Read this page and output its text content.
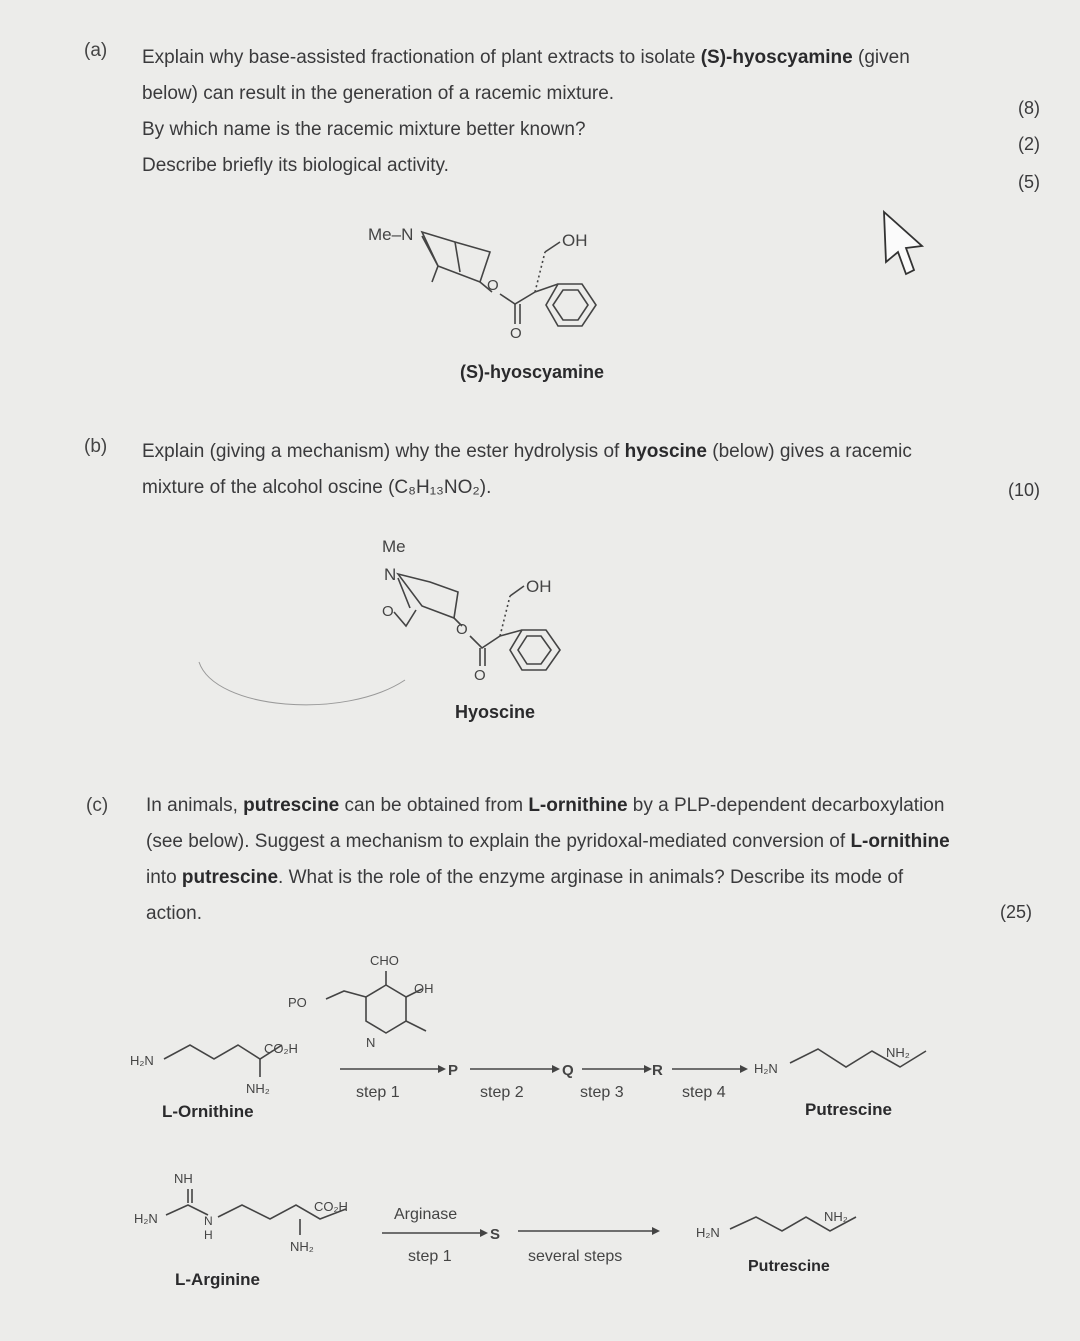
(a) Explain why base-assisted fractionation of plant extracts to isolate (S)-hyoscyamine (given
below) can result in the generation of a racemic mixture.
By which name is the racemic mixture better known?
Describe briefly its biological activity.
(8)
(2)
(5)
Me–N
O
O
OH
(S)-hyoscyamine
(b) Explain (giving a mechanism) why the ester hydrolysis of hyoscine (below) gives a racemic
mixture of the alcohol oscine (C₈H₁₃NO₂).	(10)
Me
N
O
O
O
OH
Hyoscine
(c) In animals, putrescine can be obtained from L-ornithine by a PLP-dependent decarboxylation
(see below). Suggest a mechanism to explain the pyridoxal-mediated conversion of L-ornithine
into putrescine. What is the role of the enzyme arginase in animals? Describe its mode of
action.	(25)
H₂N
CO₂H
NH₂
CHO
PO
OH
N
P
step 1
Q
step 2
R
step 3	step 4
H₂N
NH₂
L-Ornithine	Putrescine
NH
H₂N	N
H
CO₂H
NH₂
Arginase
S
step 1	several steps
H₂N
NH₂
L-Arginine
Putrescine
